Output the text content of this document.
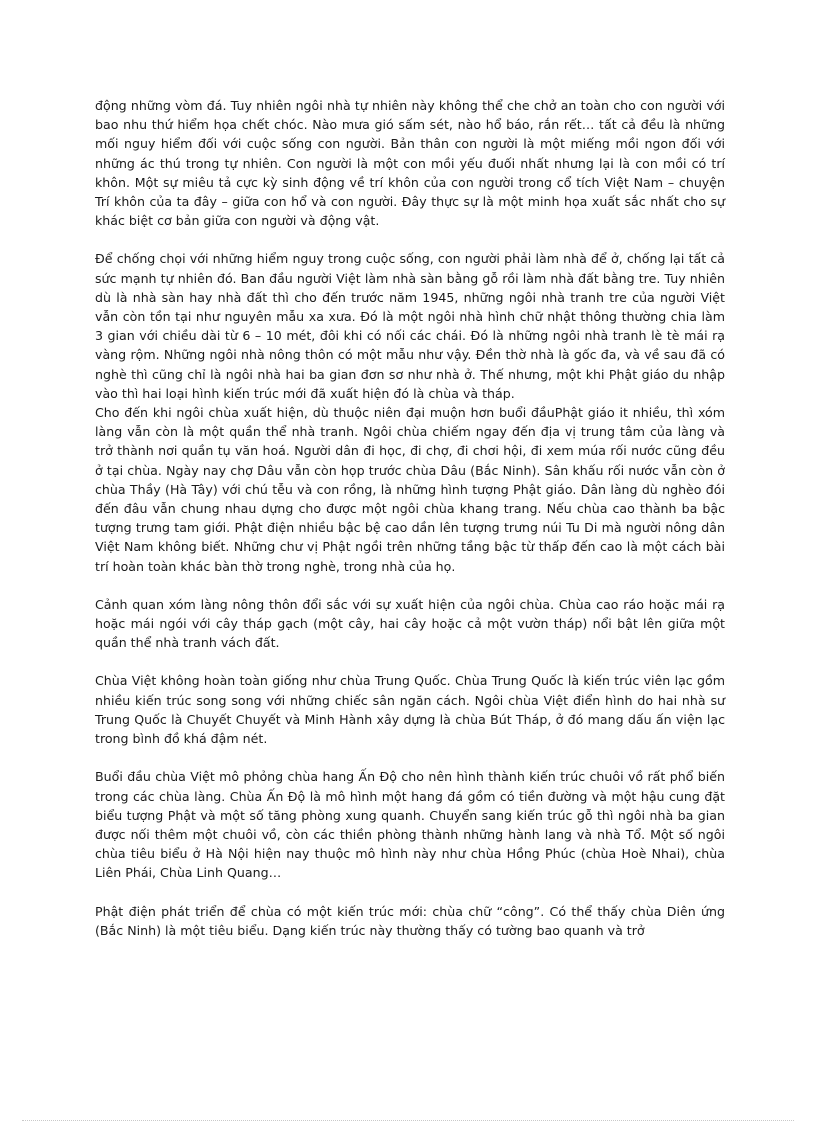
động những vòm đá. Tuy nhiên ngôi nhà tự nhiên này không thể che chở an toàn cho con người với bao nhu thứ hiểm họa chết chóc. Nào mưa gió sấm sét, nào hổ báo, rắn rết… tất cả đều là những mối nguy hiểm đối với cuộc sống con người. Bản thân con người là một miếng mồi ngon đối với những ác thú trong tự nhiên. Con người là một con mồi yếu đuối nhất nhưng lại là con mồi có trí khôn. Một sự miêu tả cực kỳ sinh động về trí khôn của con người trong cổ tích Việt Nam – chuyện Trí khôn của ta đây – giữa con hổ và con người. Đây thực sự là một minh họa xuất sắc nhất cho sự khác biệt cơ bản giữa con người và động vật.

Để chống chọi với những hiểm nguy trong cuộc sống, con người phải làm nhà để ở, chống lại tất cả sức mạnh tự nhiên đó. Ban đầu người Việt làm nhà sàn bằng gỗ rồi làm nhà đất bằng tre. Tuy nhiên dù là nhà sàn hay nhà đất thì cho đến trước năm 1945, những ngôi nhà tranh tre của người Việt vẫn còn tồn tại như nguyên mẫu xa xưa. Đó là một ngôi nhà hình chữ nhật thông thường chia làm 3 gian với chiều dài từ 6 – 10 mét, đôi khi có nối các chái. Đó là những ngôi nhà tranh lè tè mái rạ vàng rộm. Những ngôi nhà nông thôn có một mẫu như vậy. Đền thờ nhà là gốc đa, và về sau đã có nghè thì cũng chỉ là ngôi nhà hai ba gian đơn sơ như nhà ở. Thế nhưng, một khi Phật giáo du nhập vào thì hai loại hình kiến trúc mới đã xuất hiện đó là chùa và tháp.

Cho đến khi ngôi chùa xuất hiện, dù thuộc niên đại muộn hơn buổi đầuPhật giáo it nhiều, thì xóm làng vẫn còn là một quần thể nhà tranh. Ngôi chùa chiếm ngay đến địa vị trung tâm của làng và trở thành nơi quần tụ văn hoá. Người dân đi học, đi chợ, đi chơi hội, đi xem múa rối nước cũng đều ở tại chùa. Ngày nay chợ Dâu vẫn còn họp trước chùa Dâu (Bắc Ninh). Sân khấu rối nước vẫn còn ở chùa Thầy (Hà Tây) với chú tễu và con rồng, là những hình tượng Phật giáo. Dân làng dù nghèo đói đến đâu vẫn chung nhau dựng cho được một ngôi chùa khang trang. Nếu chùa cao thành ba bậc tượng trưng tam giới. Phật điện nhiều bậc bệ cao dần lên tượng trưng núi Tu Di mà người nông dân Việt Nam không biết. Những chư vị Phật ngồi trên những tầng bậc từ thấp đến cao là một cách bài trí hoàn toàn khác bàn thờ trong nghè, trong nhà của họ.

Cảnh quan xóm làng nông thôn đổi sắc với sự xuất hiện của ngôi chùa. Chùa cao ráo hoặc mái rạ hoặc mái ngói với cây tháp gạch (một cây, hai cây hoặc cả một vườn tháp) nổi bật lên giữa một quần thể nhà tranh vách đất.

Chùa Việt không hoàn toàn giống như chùa Trung Quốc. Chùa Trung Quốc là kiến trúc viên lạc gồm nhiều kiến trúc song song với những chiếc sân ngăn cách. Ngôi chùa Việt điển hình do hai nhà sư Trung Quốc là Chuyết Chuyết và Minh Hành xây dựng là chùa Bút Tháp, ở đó mang dấu ấn viện lạc trong bình đồ khá đậm nét.

Buổi đầu chùa Việt mô phỏng chùa hang Ấn Độ cho nên hình thành kiến trúc chuôi vồ rất phổ biến trong các chùa làng. Chùa Ấn Độ là mô hình một hang đá gồm có tiền đường và một hậu cung đặt biểu tượng Phật và một số tăng phòng xung quanh. Chuyển sang kiến trúc gỗ thì ngôi nhà ba gian được nối thêm một chuôi vồ, còn các thiền phòng thành những hành lang và nhà Tổ. Một số ngôi chùa tiêu biểu ở Hà Nội hiện nay thuộc mô hình này như chùa Hồng Phúc (chùa Hoè Nhai), chùa Liên Phái, Chùa Linh Quang…

Phật điện phát triển để chùa có một kiến trúc mới: chùa chữ “công”. Có thể thấy chùa Diên ứng (Bắc Ninh) là một tiêu biểu. Dạng kiến trúc này thường thấy có tường bao quanh và trở
